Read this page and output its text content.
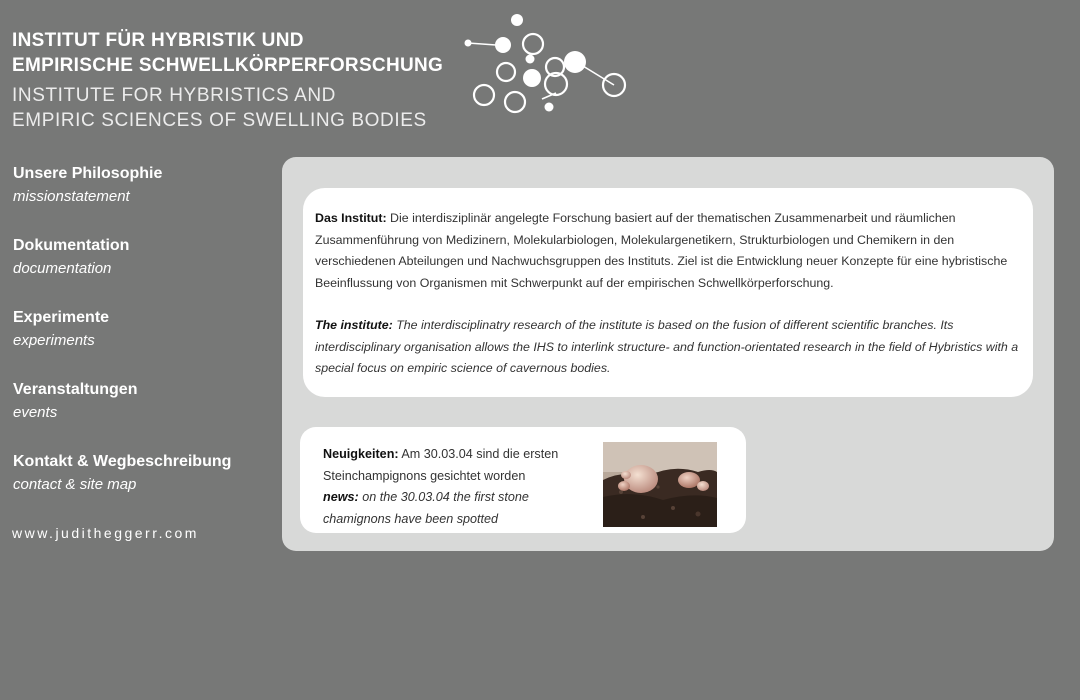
INSTITUT FÜR HYBRISTIK UND
EMPIRISCHE SCHWELLKÖRPERFORSCHUNG
INSTITUTE FOR HYBRISTICS AND
EMPIRIC SCIENCES OF SWELLING BODIES
Unsere Philosophie
missionstatement
Dokumentation
documentation
Experimente
experiments
Veranstaltungen
events
Kontakt & Wegbeschreibung
contact & site map
www.juditheggerr.com

Das Institut: Die interdisziplinär angelegte Forschung basiert auf der thematischen Zusammenarbeit und räumlichen Zusammenführung von Medizinern, Molekularbiologen, Molekulargenetikern, Strukturbiologen und Chemikern in den verschiedenen Abteilungen und Nachwuchsgruppen des Instituts. Ziel ist die Entwicklung neuer Konzepte für eine hybristische Beeinflussung von Organismen mit Schwerpunkt auf der empirischen Schwellkörperforschung.

The institute: The interdisciplinatry research of the institute is based on the fusion of different scientific branches. Its interdisciplinary organisation allows the IHS to interlink structure- and function-orientated research in the field of Hybristics with a special focus on empiric science of cavernous bodies.

Neuigkeiten: Am 30.03.04 sind die ersten Steinchampignons gesichtet worden
news: on the 30.03.04 the first stone chamignons have been spotted
